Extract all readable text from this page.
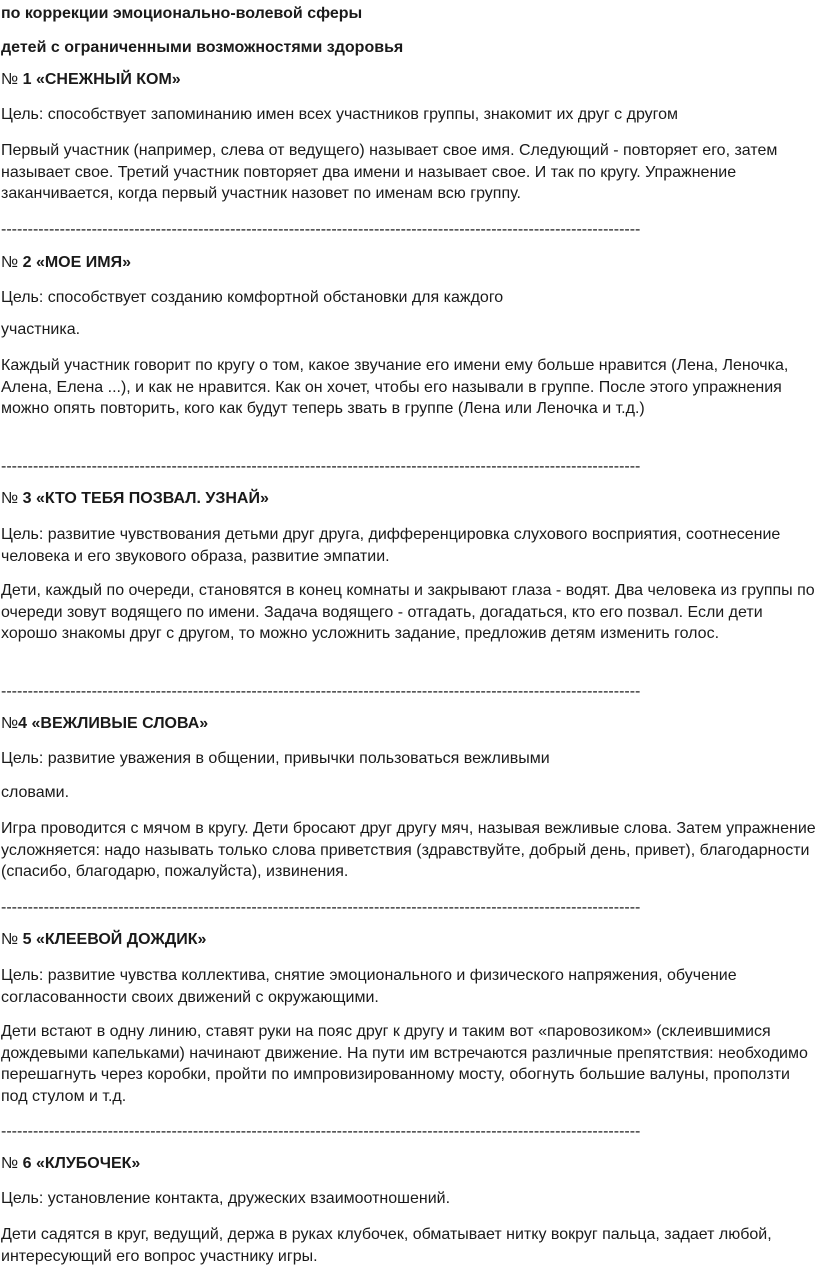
по коррекции эмоционально-волевой сферы
детей с ограниченными возможностями здоровья
№ 1 «СНЕЖНЫЙ КОМ»
Цель: способствует запоминанию имен всех участников группы, знакомит их друг с другом

Первый участник (например, слева от ведущего) называет свое имя. Следующий - повторяет его, затем называет свое. Третий участник повторяет два имени и называет свое. И так по кругу. Упражнение заканчивается, когда первый участник назовет по именам всю группу.

------------------------------------------------------------------------------------------------------------------------
№ 2 «МОЕ ИМЯ»
Цель: способствует созданию комфортной обстановки для каждого
участника.

Каждый участник говорит по кругу о том, какое звучание его имени ему больше нравится (Лена, Леночка, Алена, Елена ...), и как не нравится. Как он хочет, чтобы его называли в группе. После этого упражнения можно опять повторить, кого как будут теперь звать в группе (Лена или Леночка и т.д.)

------------------------------------------------------------------------------------------------------------------------
№ 3 «КТО ТЕБЯ ПОЗВАЛ. УЗНАЙ»

Цель: развитие чувствования детьми друг друга, дифференцировка слухового восприятия, соотнесение человека и его звукового образа, развитие эмпатии.

Дети, каждый по очереди, становятся в конец комнаты и закрывают глаза - водят. Два человека из группы по очереди зовут водящего по имени. Задача водящего - отгадать, догадаться, кто его позвал. Если дети хорошо знакомы друг с другом, то можно усложнить задание, предложив детям изменить голос.

------------------------------------------------------------------------------------------------------------------------
№4 «ВЕЖЛИВЫЕ СЛОВА»
Цель: развитие уважения в общении, привычки пользоваться вежливыми
словами.

Игра проводится с мячом в кругу. Дети бросают друг другу мяч, называя вежливые слова. Затем упражнение усложняется: надо называть только слова приветствия (здравствуйте, добрый день, привет), благодарности (спасибо, благодарю, пожалуйста), извинения.

------------------------------------------------------------------------------------------------------------------------
№ 5 «КЛЕЕВОЙ ДОЖДИК»

Цель: развитие чувства коллектива, снятие эмоционального и физического напряжения, обучение согласованности своих движений с окружающими.

Дети встают в одну линию, ставят руки на пояс друг к другу и таким вот «паровозиком» (склеившимися дождевыми капельками) начинают движение. На пути им встречаются различные препятствия: необходимо перешагнуть через коробки, пройти по импровизированному мосту, обогнуть большие валуны, проползти под стулом и т.д.

------------------------------------------------------------------------------------------------------------------------
№ 6 «КЛУБОЧЕК»
Цель: установление контакта, дружеских взаимоотношений.

Дети садятся в круг, ведущий, держа в руках клубочек, обматывает нитку вокруг пальца, задает любой, интересующий его вопрос участнику игры.
